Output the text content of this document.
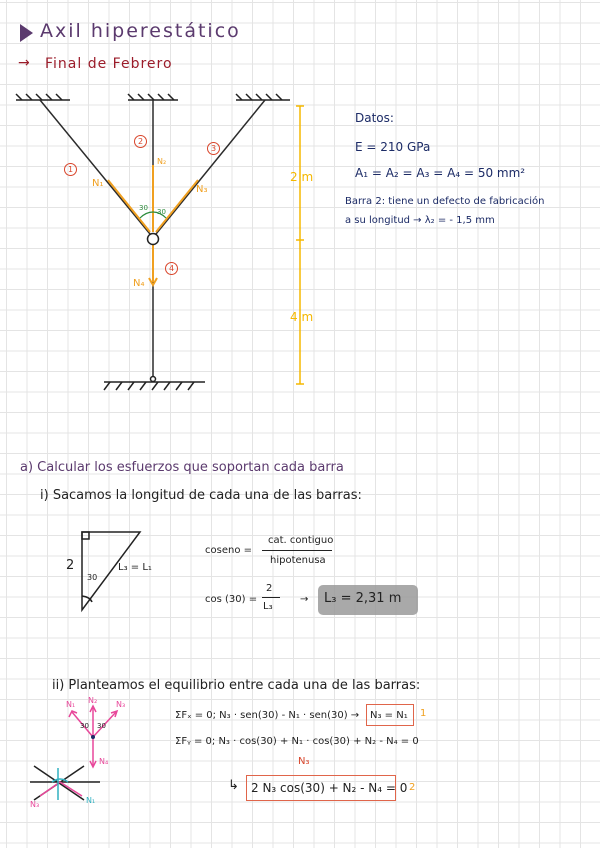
Axil hiperestático
→ Final de Febrero
1
2
3
4
N₁
N₂
N₃
N₄
30 30
2 m
4 m
Datos:
E = 210 GPa
A₁ = A₂ = A₃ = A₄ = 50 mm²
Barra 2: tiene un defecto de fabricación
a su longitud → λ₂ = - 1,5 mm
a) Calcular los esfuerzos que soportan cada barra
i) Sacamos la longitud de cada una de las barras:
2
30
L₃ = L₁
coseno =
cat. contiguo
hipotenusa
cos (30) =
2
L₃
→ L₃ = 2,31 m
ii) Planteamos el equilibrio entre cada una de las barras:
N₁ N₂ N₃
N₄
30 30
N₃	N₁
ΣFₓ = 0; N₃ · sen(30) - N₁ · sen(30) → N₃ = N₁ 1
ΣFᵧ = 0; N₃ · cos(30) + N₁ · cos(30) + N₂ - N₄ = 0
N₃
↳ 2 N₃ cos(30) + N₂ - N₄ = 0 2
